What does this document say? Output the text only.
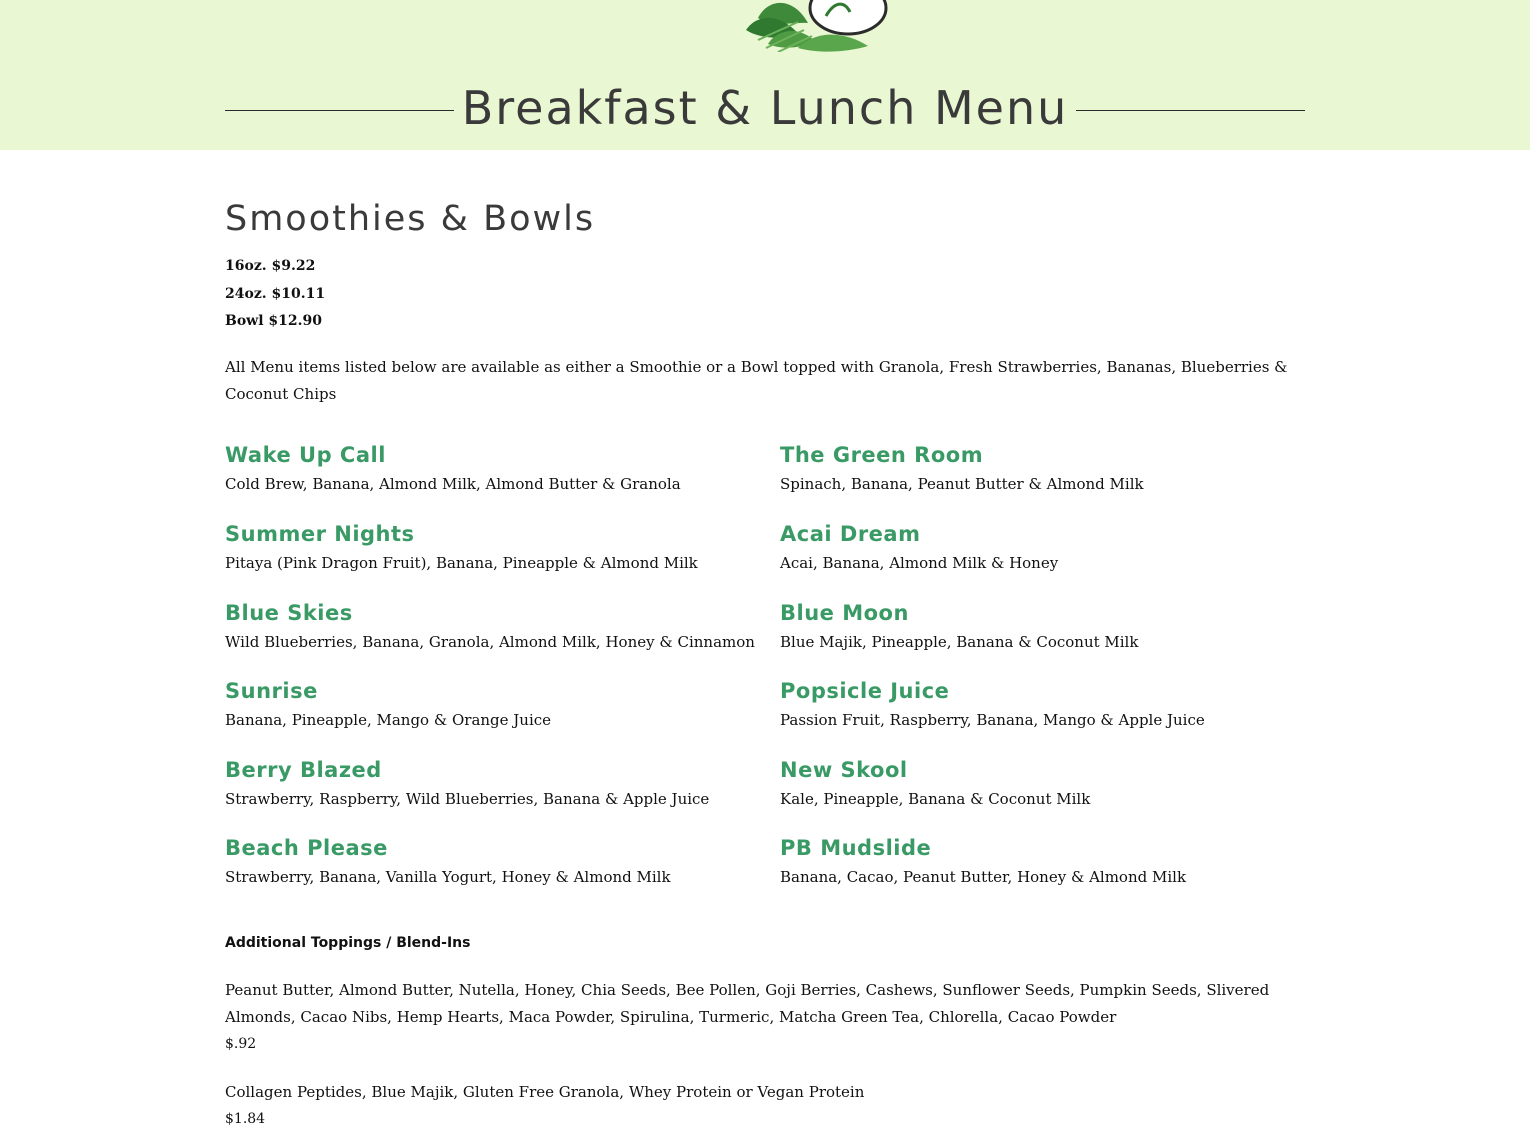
Breakfast & Lunch Menu
Smoothies & Bowls
16oz. $9.22
24oz. $10.11
Bowl $12.90
All Menu items listed below are available as either a Smoothie or a Bowl topped with Granola, Fresh Strawberries, Bananas, Blueberries & Coconut Chips
Wake Up Call
Cold Brew, Banana, Almond Milk, Almond Butter & Granola
The Green Room
Spinach, Banana, Peanut Butter & Almond Milk
Summer Nights
Pitaya (Pink Dragon Fruit), Banana, Pineapple & Almond Milk
Acai Dream
Acai, Banana, Almond Milk & Honey
Blue Skies
Wild Blueberries, Banana, Granola, Almond Milk, Honey & Cinnamon
Blue Moon
Blue Majik, Pineapple, Banana & Coconut Milk
Sunrise
Banana, Pineapple, Mango & Orange Juice
Popsicle Juice
Passion Fruit, Raspberry, Banana, Mango & Apple Juice
Berry Blazed
Strawberry, Raspberry, Wild Blueberries, Banana & Apple Juice
New Skool
Kale, Pineapple, Banana & Coconut Milk
Beach Please
Strawberry, Banana, Vanilla Yogurt, Honey & Almond Milk
PB Mudslide
Banana, Cacao, Peanut Butter, Honey & Almond Milk
Additional Toppings / Blend-Ins
Peanut Butter, Almond Butter, Nutella, Honey, Chia Seeds, Bee Pollen, Goji Berries, Cashews, Sunflower Seeds, Pumpkin Seeds, Slivered Almonds, Cacao Nibs, Hemp Hearts, Maca Powder, Spirulina, Turmeric, Matcha Green Tea, Chlorella, Cacao Powder
$.92
Collagen Peptides, Blue Majik, Gluten Free Granola, Whey Protein or Vegan Protein
$1.84
